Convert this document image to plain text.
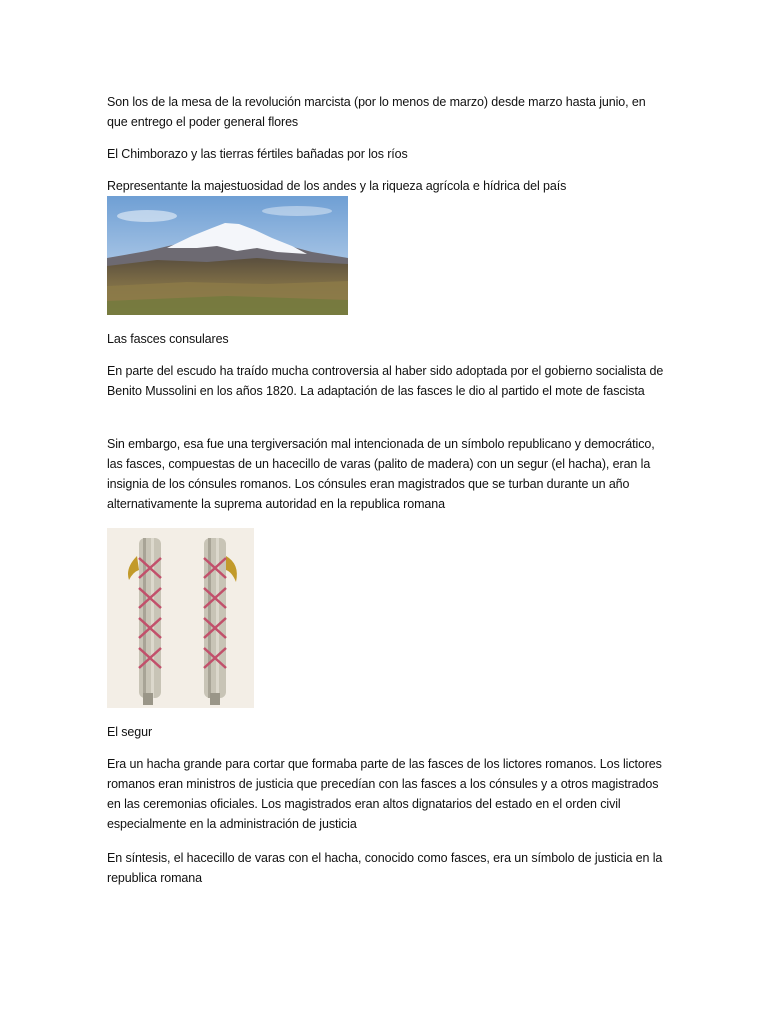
Son los de la mesa de la revolución marcista (por lo menos de marzo) desde marzo hasta junio, en que entrego el poder general flores

El Chimborazo y las tierras fértiles bañadas por los ríos

Representante la majestuosidad de los andes y la riqueza agrícola e hídrica del país

Las fasces consulares

En parte del escudo ha traído mucha controversia al haber sido adoptada por el gobierno socialista de Benito Mussolini en los años 1820. La adaptación de las fasces le dio al partido el mote de fascista

Sin embargo, esa fue una tergiversación mal intencionada de un símbolo republicano y democrático, las fasces, compuestas de un hacecillo de varas (palito de madera) con un segur (el hacha), eran la insignia de los cónsules romanos. Los cónsules eran magistrados que se turban durante un año alternativamente la suprema autoridad en la republica romana

El segur

Era un hacha grande para cortar que formaba parte de las fasces de los lictores romanos. Los lictores romanos eran ministros de justicia que precedían con las fasces a los cónsules y a otros magistrados en las ceremonias oficiales. Los magistrados eran altos dignatarios del estado en el orden civil especialmente en la administración de justicia

En síntesis, el hacecillo de varas con el hacha, conocido como fasces, era un símbolo de justicia en la republica romana
